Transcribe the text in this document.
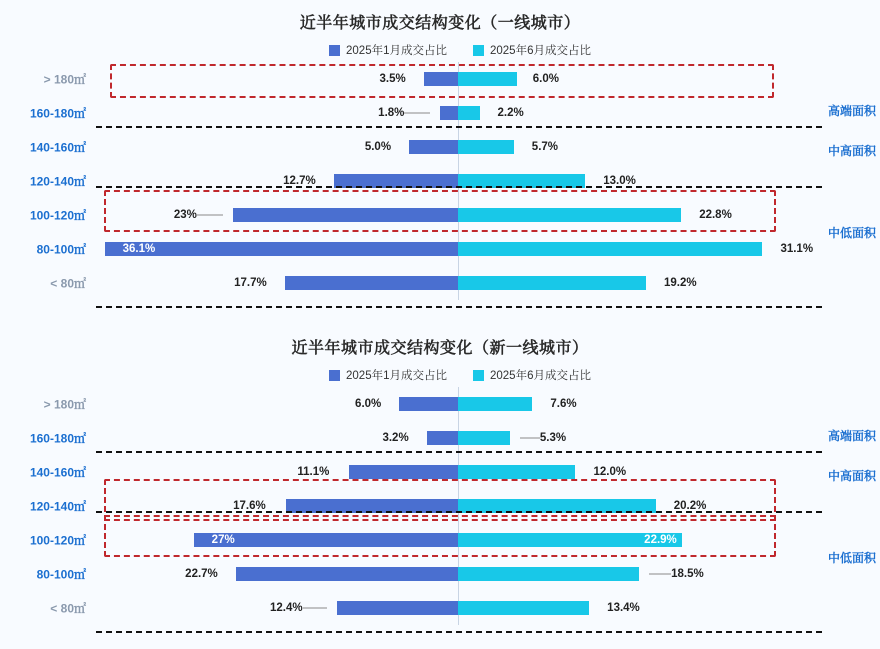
近半年城市成交结构变化（一线城市）
2025年1月成交占比	2025年6月成交占比
> 180㎡	3.5%	6.0%
160-180㎡	1.8%	2.2%
140-160㎡	5.0%	5.7%
120-140㎡	12.7%	13.0%
100-120㎡	23%	22.8%
80-100㎡	36.1%	31.1%
< 80㎡	17.7%	19.2%
高端面积
中高面积
中低面积
近半年城市成交结构变化（新一线城市）
2025年1月成交占比	2025年6月成交占比
> 180㎡	6.0%	7.6%
160-180㎡	3.2%	5.3%
140-160㎡	11.1%	12.0%
120-140㎡	17.6%	20.2%
100-120㎡	27%	22.9%
80-100㎡	22.7%	18.5%
< 80㎡	12.4%	13.4%
高端面积
中高面积
中低面积
